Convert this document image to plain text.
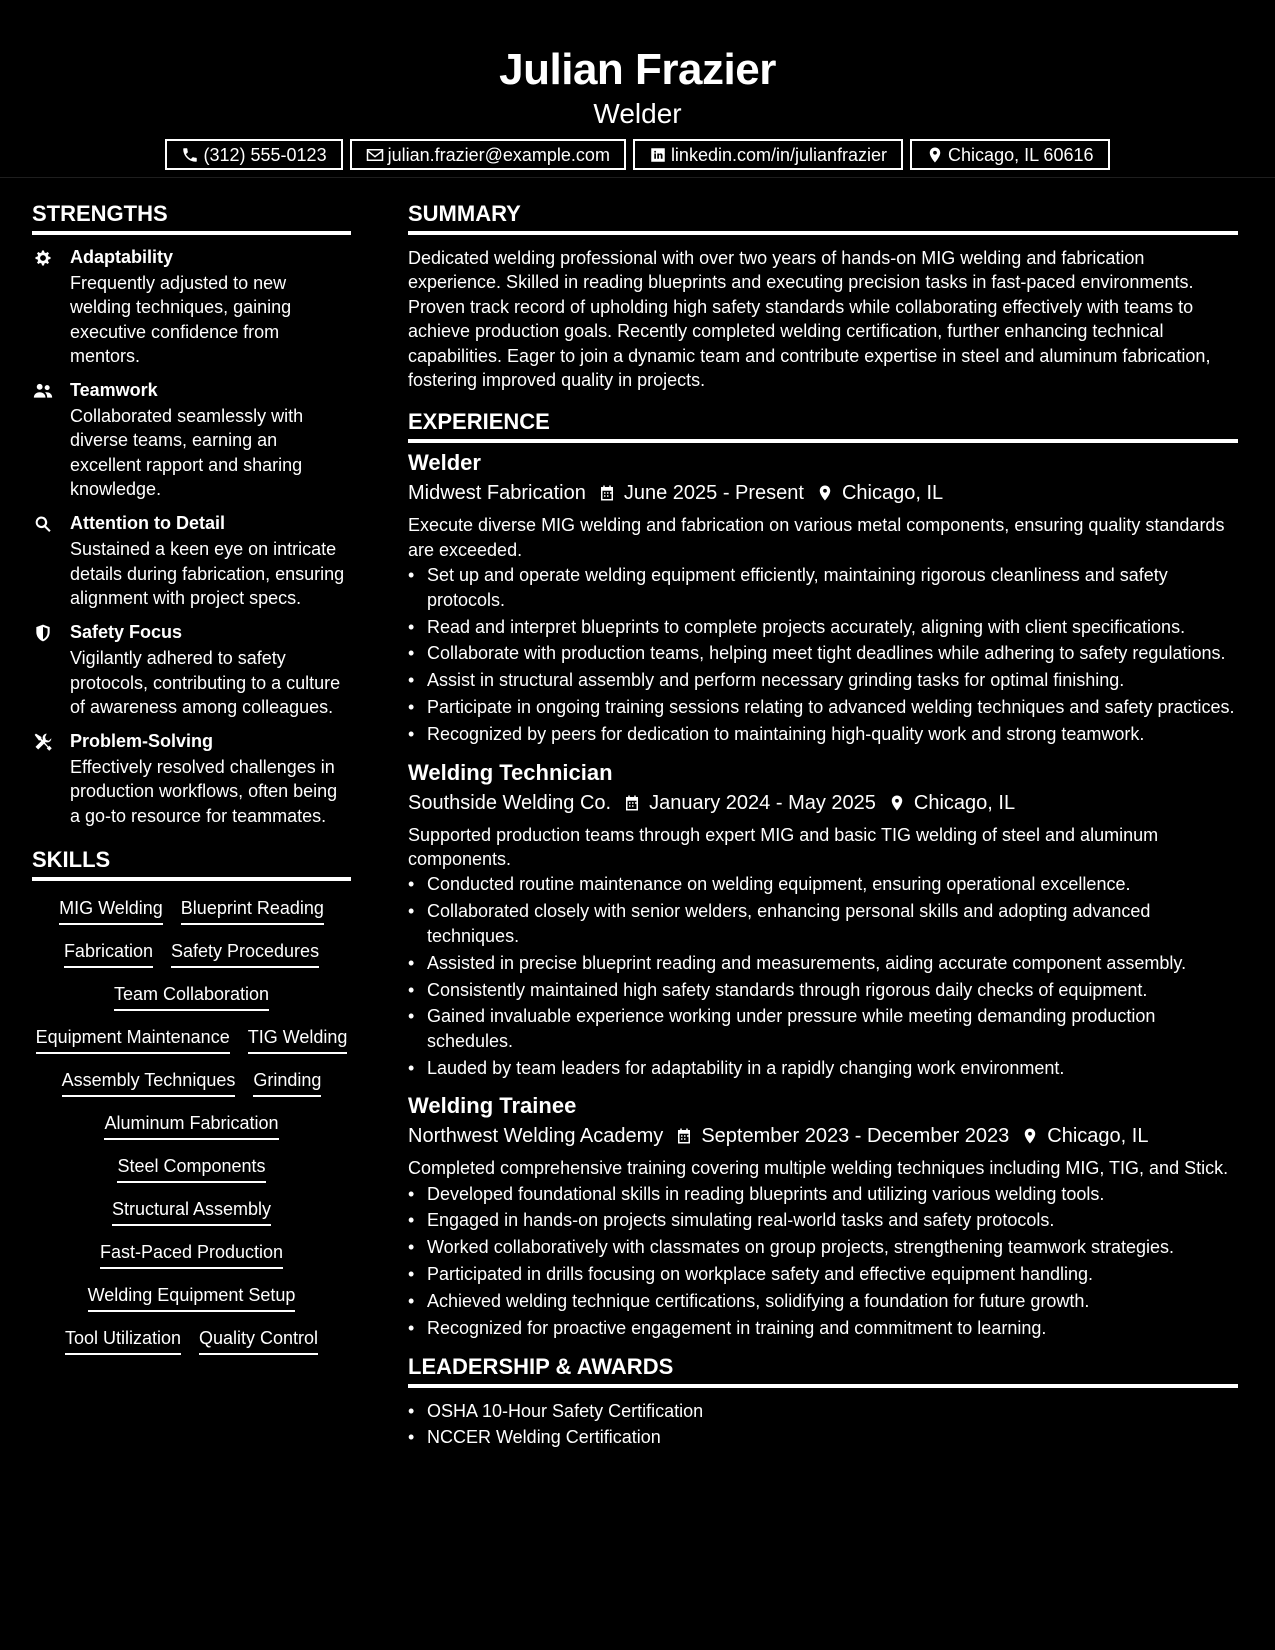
Julian Frazier
Welder
(312) 555-0123	julian.frazier@example.com	linkedin.com/in/julianfrazier	Chicago, IL 60616
STRENGTHS
Adaptability
Frequently adjusted to new welding techniques, gaining executive confidence from mentors.
Teamwork
Collaborated seamlessly with diverse teams, earning an excellent rapport and sharing knowledge.
Attention to Detail
Sustained a keen eye on intricate details during fabrication, ensuring alignment with project specs.
Safety Focus
Vigilantly adhered to safety protocols, contributing to a culture of awareness among colleagues.
Problem-Solving
Effectively resolved challenges in production workflows, often being a go-to resource for teammates.
SKILLS
MIG Welding Blueprint Reading
Fabrication Safety Procedures
Team Collaboration
Equipment Maintenance TIG Welding
Assembly Techniques Grinding
Aluminum Fabrication
Steel Components
Structural Assembly
Fast-Paced Production
Welding Equipment Setup
Tool Utilization Quality Control
SUMMARY
Dedicated welding professional with over two years of hands-on MIG welding and fabrication experience. Skilled in reading blueprints and executing precision tasks in fast-paced environments. Proven track record of upholding high safety standards while collaborating effectively with teams to achieve production goals. Recently completed welding certification, further enhancing technical capabilities. Eager to join a dynamic team and contribute expertise in steel and aluminum fabrication, fostering improved quality in projects.
EXPERIENCE
Welder
Midwest Fabrication June 2025 - Present Chicago, IL
Execute diverse MIG welding and fabrication on various metal components, ensuring quality standards are exceeded.
• Set up and operate welding equipment efficiently, maintaining rigorous cleanliness and safety protocols.
• Read and interpret blueprints to complete projects accurately, aligning with client specifications.
• Collaborate with production teams, helping meet tight deadlines while adhering to safety regulations.
• Assist in structural assembly and perform necessary grinding tasks for optimal finishing.
• Participate in ongoing training sessions relating to advanced welding techniques and safety practices.
• Recognized by peers for dedication to maintaining high-quality work and strong teamwork.
Welding Technician
Southside Welding Co. January 2024 - May 2025 Chicago, IL
Supported production teams through expert MIG and basic TIG welding of steel and aluminum components.
• Conducted routine maintenance on welding equipment, ensuring operational excellence.
• Collaborated closely with senior welders, enhancing personal skills and adopting advanced techniques.
• Assisted in precise blueprint reading and measurements, aiding accurate component assembly.
• Consistently maintained high safety standards through rigorous daily checks of equipment.
• Gained invaluable experience working under pressure while meeting demanding production schedules.
• Lauded by team leaders for adaptability in a rapidly changing work environment.
Welding Trainee
Northwest Welding Academy September 2023 - December 2023 Chicago, IL
Completed comprehensive training covering multiple welding techniques including MIG, TIG, and Stick.
• Developed foundational skills in reading blueprints and utilizing various welding tools.
• Engaged in hands-on projects simulating real-world tasks and safety protocols.
• Worked collaboratively with classmates on group projects, strengthening teamwork strategies.
• Participated in drills focusing on workplace safety and effective equipment handling.
• Achieved welding technique certifications, solidifying a foundation for future growth.
• Recognized for proactive engagement in training and commitment to learning.
LEADERSHIP & AWARDS
• OSHA 10-Hour Safety Certification
• NCCER Welding Certification
